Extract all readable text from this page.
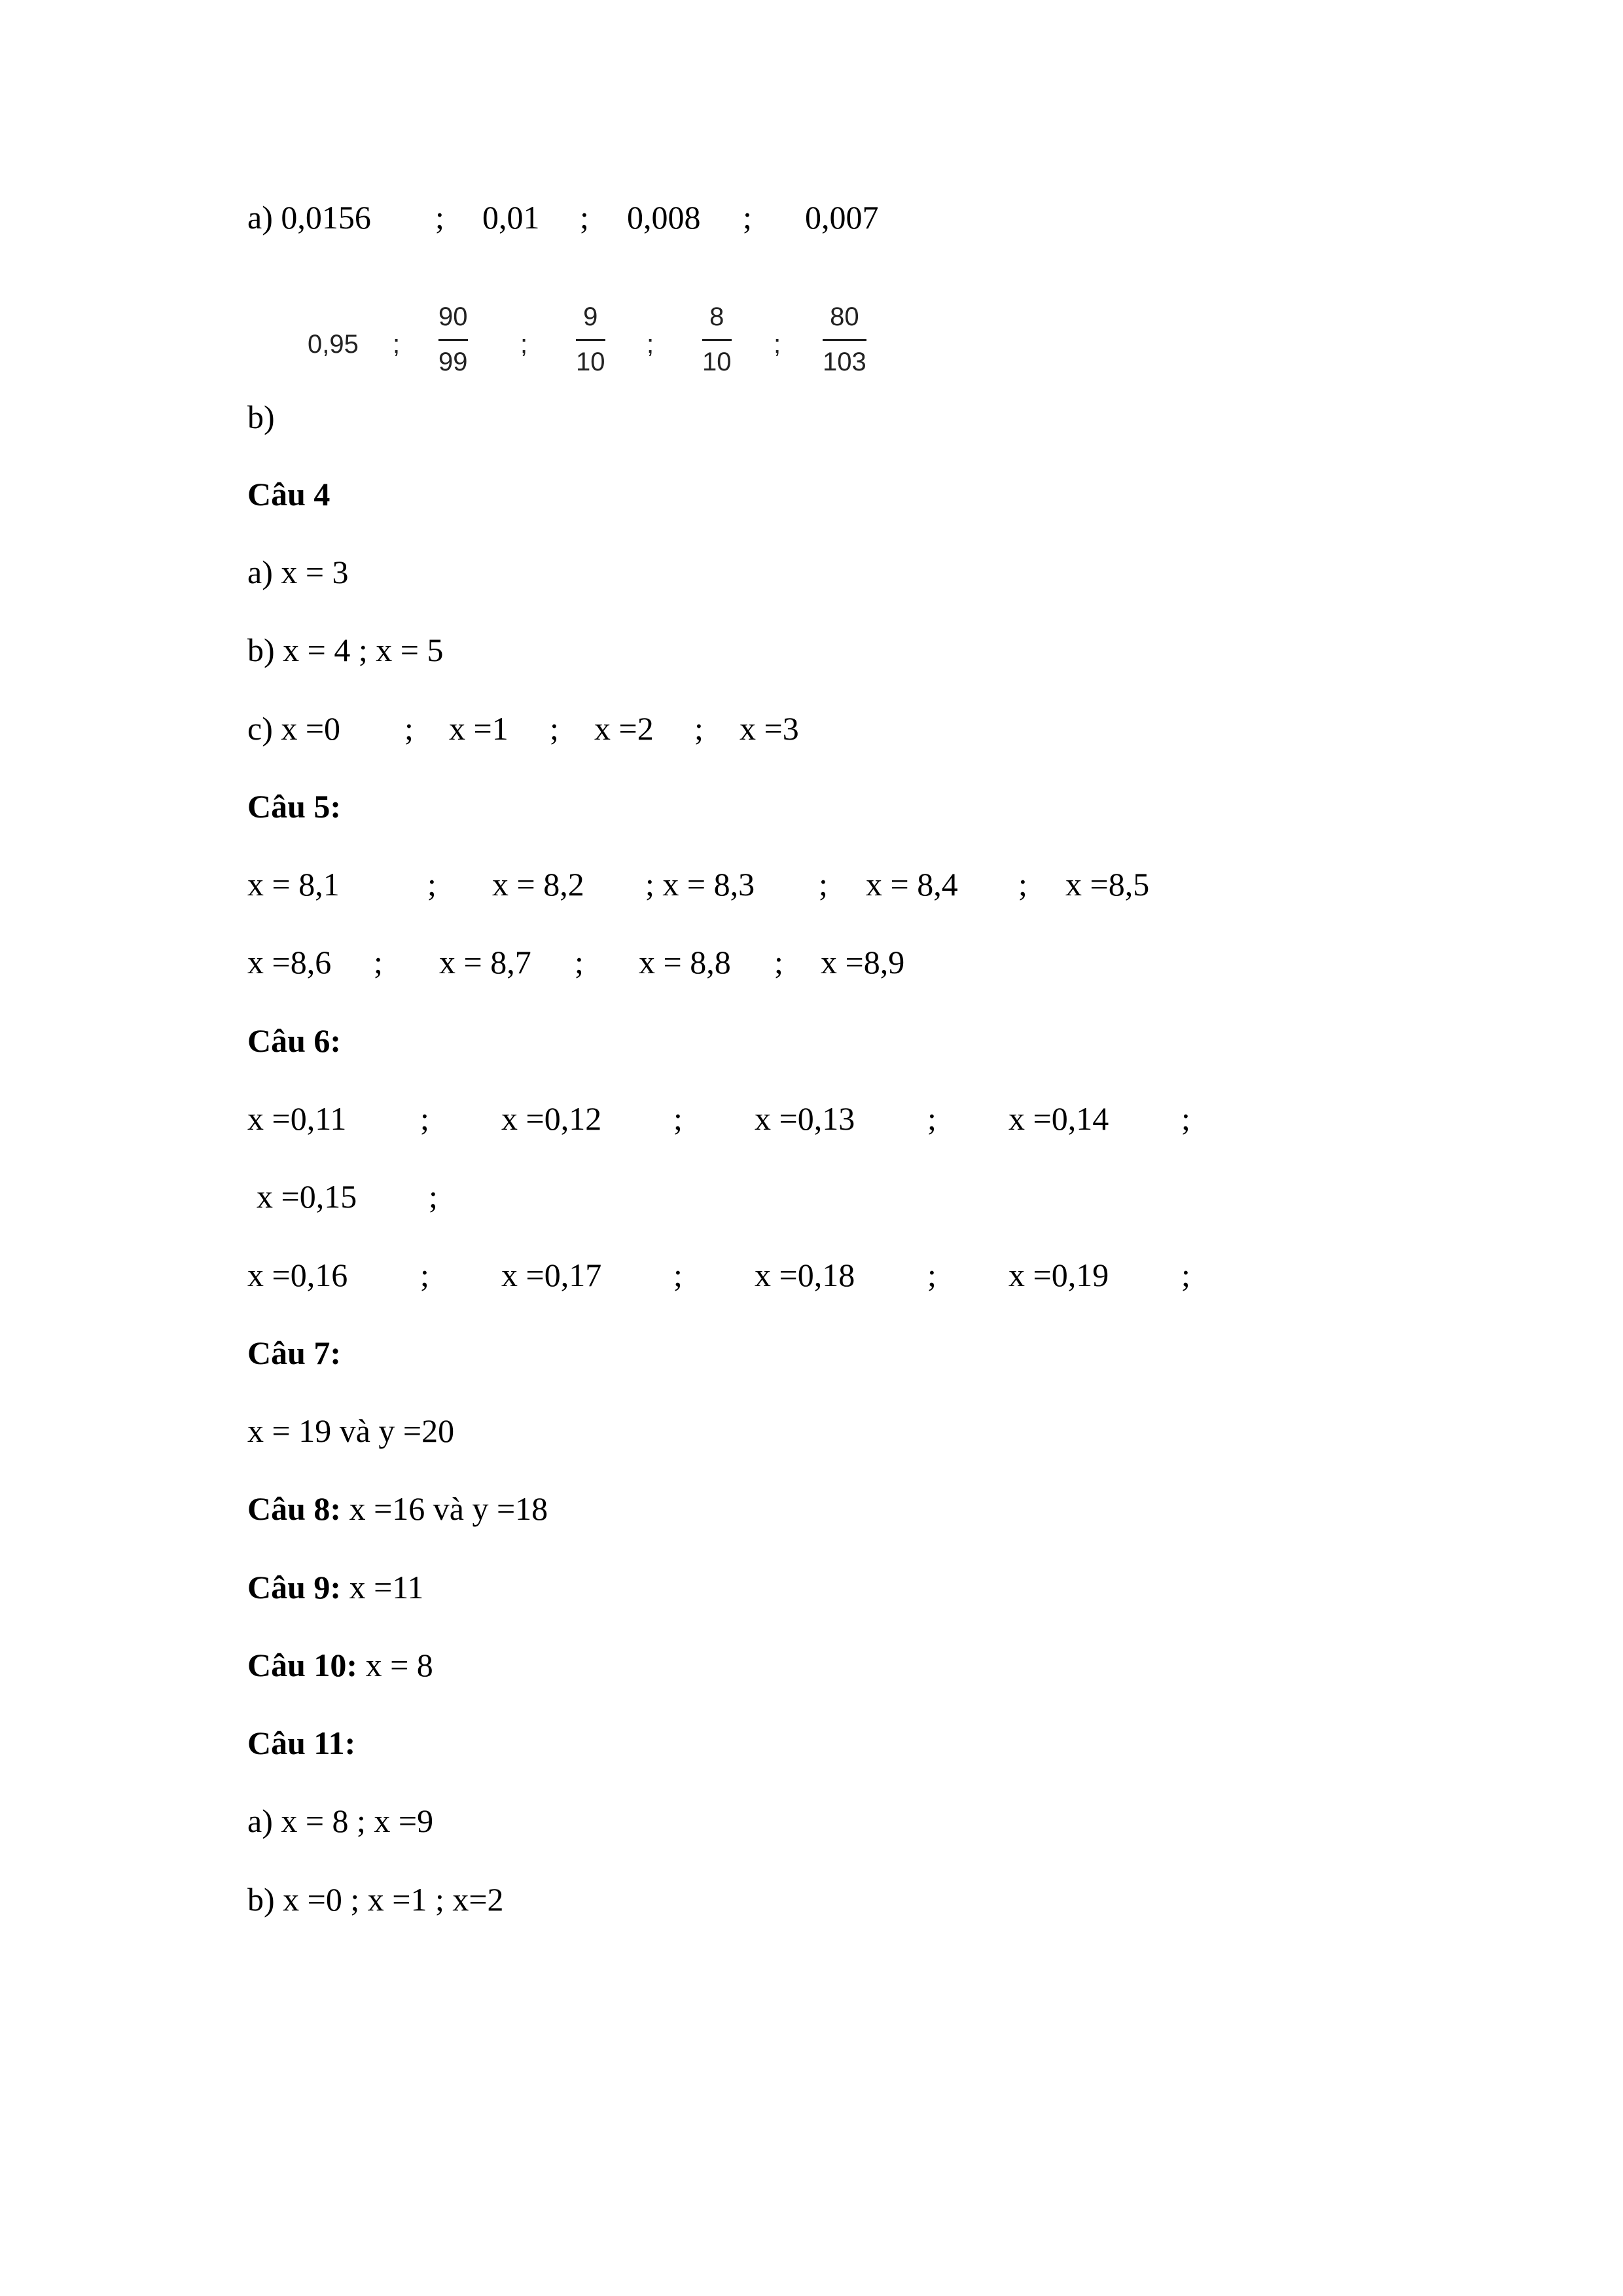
a) 0,0156 ; 0,01 ; 0,008 ; 0,007
0,95 ;
90
99
;
9
10
;
8
10
;
80
103
b)
Câu 4
a) x = 3
b) x = 4 ; x = 5
c) x =0 ; x =1 ; x =2 ; x =3
Câu 5:
x = 8,1	; x = 8,2 ; x = 8,3 ; x = 8,4 ; x =8,5
x =8,6 ; x = 8,7 ; x = 8,8 ; x =8,9
Câu 6:
x =0,11 ; x =0,12 ; x =0,13 ; x =0,14 ;
x =0,15 ;
x =0,16 ; x =0,17 ; x =0,18 ; x =0,19 ;
Câu 7:
x = 19 và y =20
Câu 8: x =16 và y =18
Câu 9: x =11
Câu 10: x = 8
Câu 11:
a) x = 8 ; x =9
b) x =0 ; x =1 ; x=2
